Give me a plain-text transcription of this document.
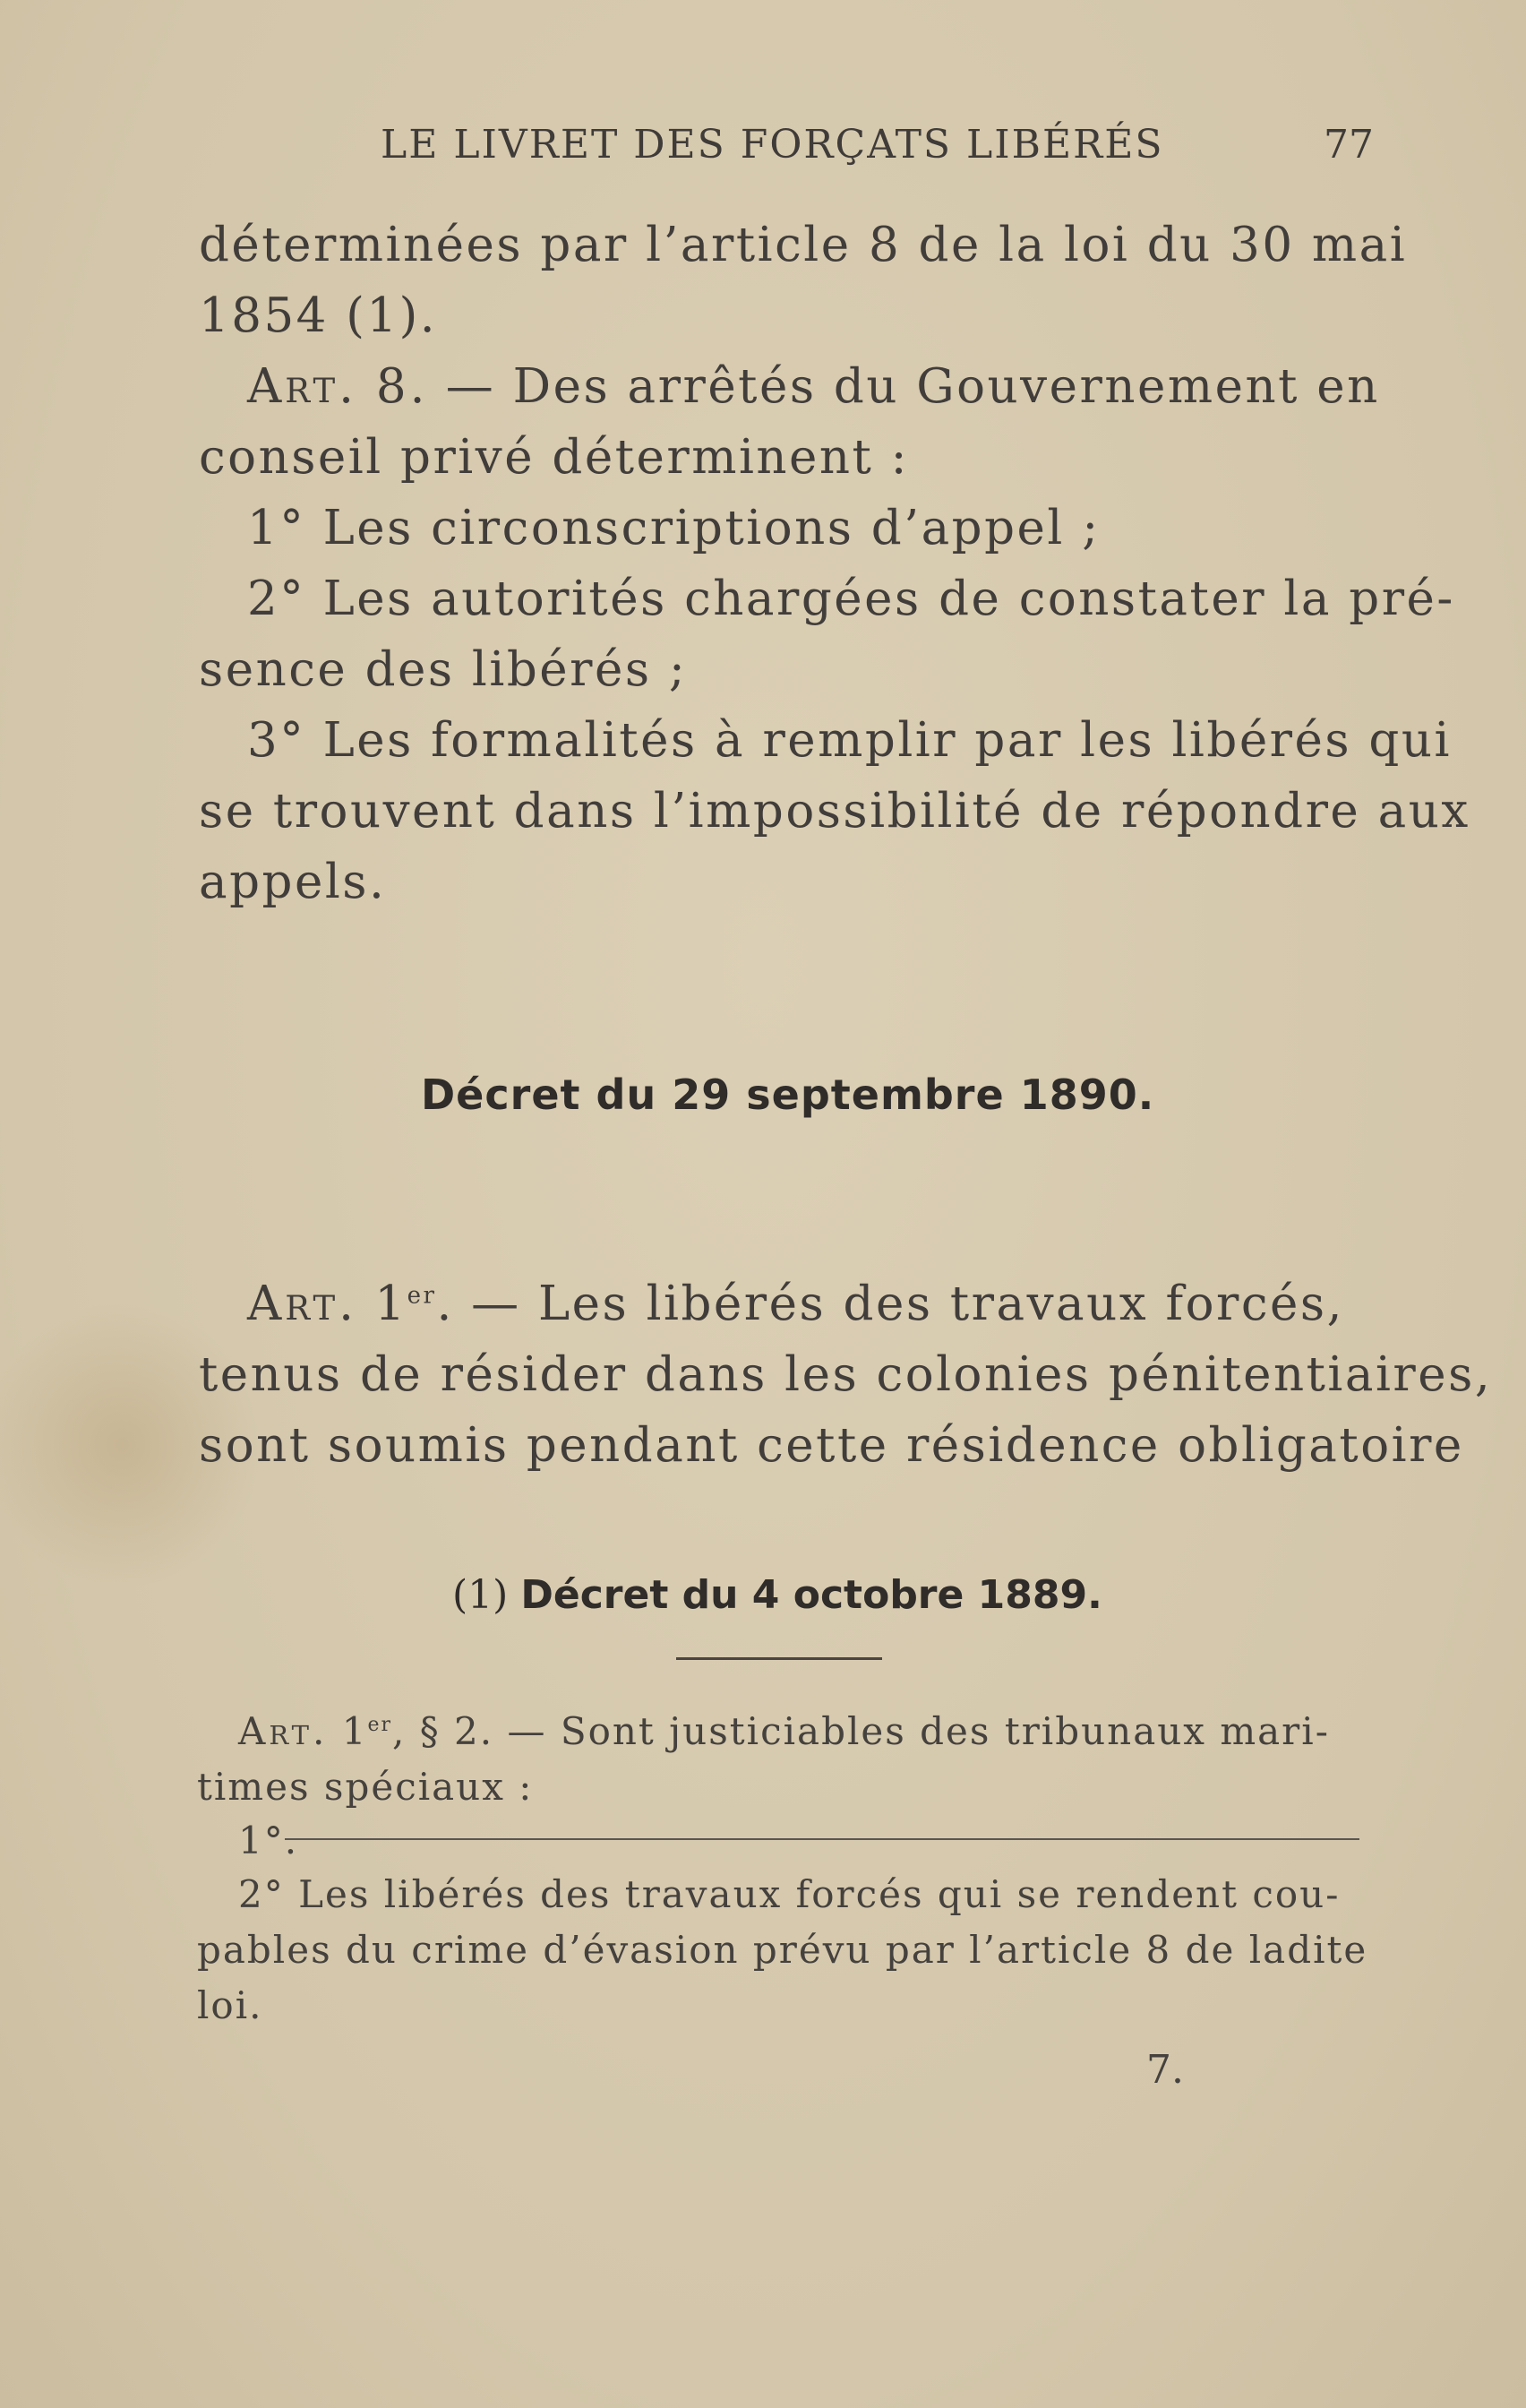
LE LIVRET DES FORÇATS LIBÉRÉS	77
déterminées par l’article 8 de la loi du 30 mai
1854 (1).
Art. 8. — Des arrêtés du Gouvernement en
conseil privé déterminent :
1° Les circonscriptions d’appel ;
2° Les autorités chargées de constater la pré-
sence des libérés ;
3° Les formalités à remplir par les libérés qui
se trouvent dans l’impossibilité de répondre aux
appels.
Décret du 29 septembre 1890.
Art. 1er. — Les libérés des travaux forcés,
tenus de résider dans les colonies pénitentiaires,
sont soumis pendant cette résidence obligatoire
(1) Décret du 4 octobre 1889.
Art. 1er, § 2. — Sont justiciables des tribunaux mari-
times spéciaux :
1°.
2° Les libérés des travaux forcés qui se rendent cou-
pables du crime d’évasion prévu par l’article 8 de ladite
loi.
7.
